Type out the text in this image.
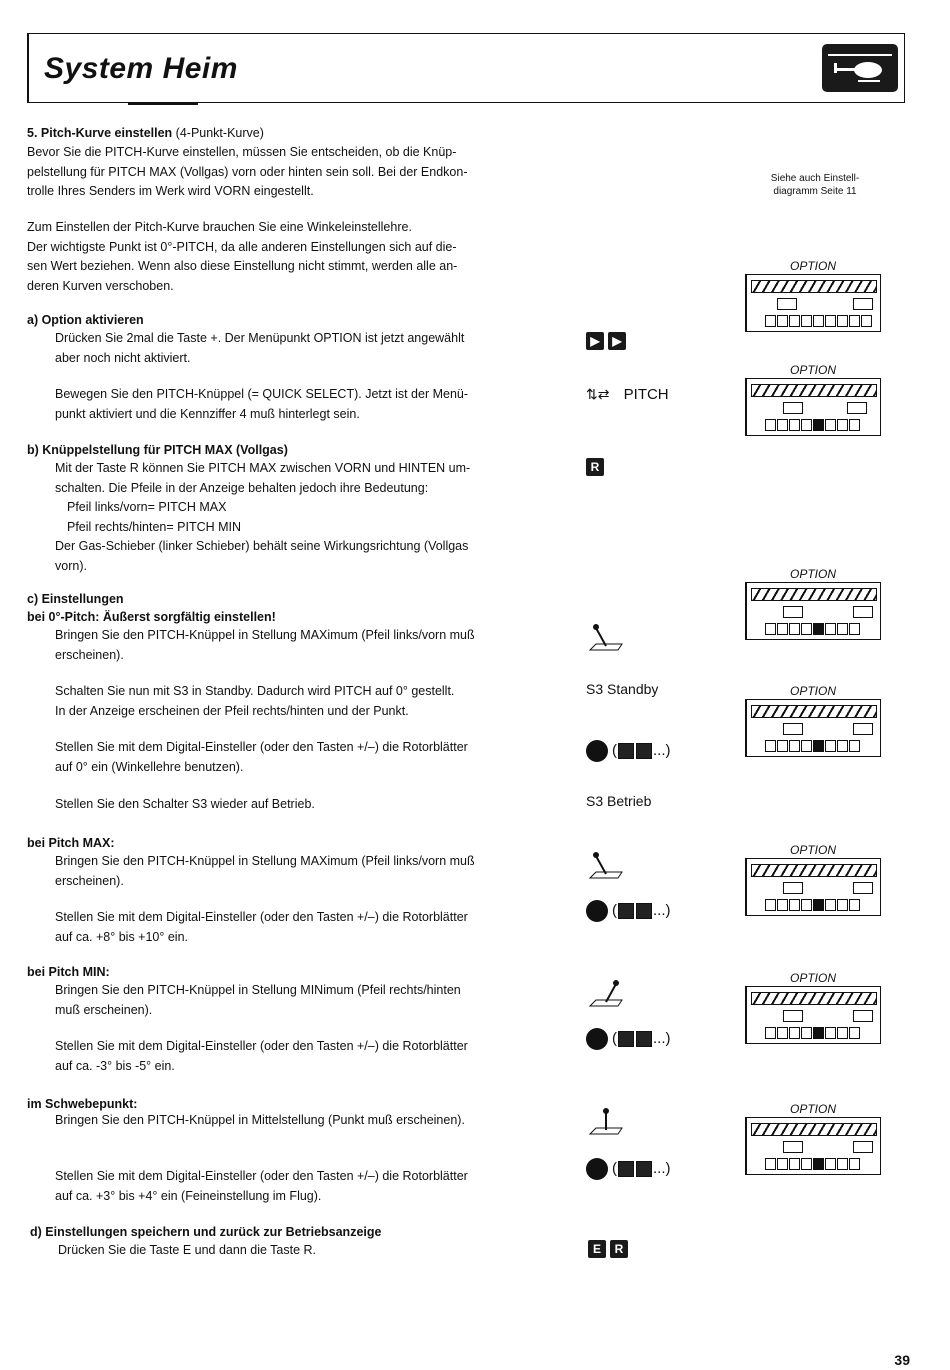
System Heim
Siehe auch Einstell-
diagramm Seite 11

5. Pitch-Kurve einstellen (4-Punkt-Kurve)

Bevor Sie die PITCH-Kurve einstellen, müssen Sie entscheiden, ob die Knüp-

pelstellung für PITCH MAX (Vollgas) vorn oder hinten sein soll. Bei der Endkon-

trolle Ihres Senders im Werk wird VORN eingestellt.

Zum Einstellen der Pitch-Kurve brauchen Sie eine Winkeleinstellehre.

Der wichtigste Punkt ist 0°-PITCH, da alle anderen Einstellungen sich auf die-

sen Wert beziehen. Wenn also diese Einstellung nicht stimmt, werden alle an-

deren Kurven verschoben.

a) Option aktivieren

Drücken Sie 2mal die Taste +. Der Menüpunkt OPTION ist jetzt angewählt

aber noch nicht aktiviert.

Bewegen Sie den PITCH-Knüppel (= QUICK SELECT). Jetzt ist der Menü-

punkt aktiviert und die Kennziffer 4 muß hinterlegt sein.

▶ ▶
⇅⇄ PITCH

b) Knüppelstellung für PITCH MAX (Vollgas)

Mit der Taste R können Sie PITCH MAX zwischen VORN und HINTEN um-

schalten. Die Pfeile in der Anzeige behalten jedoch ihre Bedeutung:

Pfeil links/vorn= PITCH MAX

Pfeil rechts/hinten= PITCH MIN

Der Gas-Schieber (linker Schieber) behält seine Wirkungsrichtung (Vollgas

vorn).

R

c) Einstellungen

bei 0°-Pitch: Äußerst sorgfältig einstellen!

Bringen Sie den PITCH-Knüppel in Stellung MAXimum (Pfeil links/vorn muß

erscheinen).

Schalten Sie nun mit S3 in Standby. Dadurch wird PITCH auf 0° gestellt.

In der Anzeige erscheinen der Pfeil rechts/hinten und der Punkt.

Stellen Sie mit dem Digital-Einsteller (oder den Tasten +/–) die Rotorblätter

auf 0° ein (Winkellehre benutzen).

Stellen Sie den Schalter S3 wieder auf Betrieb.

S3 Standby
S3 Betrieb

bei Pitch MAX:

Bringen Sie den PITCH-Knüppel in Stellung MAXimum (Pfeil links/vorn muß

erscheinen).

Stellen Sie mit dem Digital-Einsteller (oder den Tasten +/–) die Rotorblätter

auf ca. +8° bis +10° ein.

bei Pitch MIN:

Bringen Sie den PITCH-Knüppel in Stellung MINimum (Pfeil rechts/hinten

muß erscheinen).

Stellen Sie mit dem Digital-Einsteller (oder den Tasten +/–) die Rotorblätter

auf ca. -3° bis -5° ein.

im Schwebepunkt:

Bringen Sie den PITCH-Knüppel in Mittelstellung (Punkt muß erscheinen).

Stellen Sie mit dem Digital-Einsteller (oder den Tasten +/–) die Rotorblätter

auf ca. +3° bis +4° ein (Feineinstellung im Flug).

( ...)
( ...)
( ...)
( ...)

d) Einstellungen speichern und zurück zur Betriebsanzeige

Drücken Sie die Taste E und dann die Taste R.	E R
OPTION
OPTION
OPTION
OPTION
OPTION
OPTION
OPTION
39
